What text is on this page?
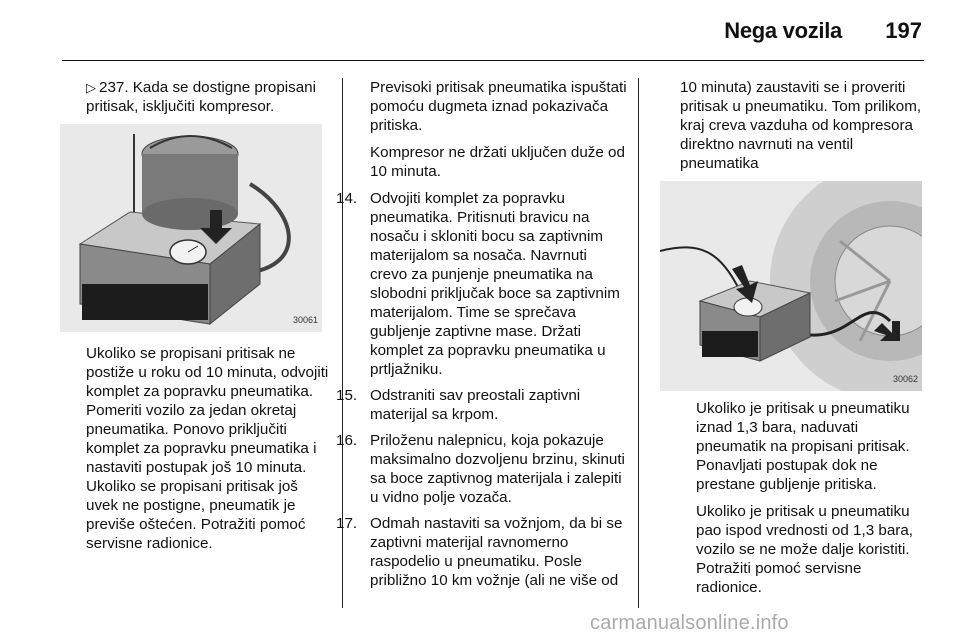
Nega vozila 197

▷ 237. Kada se dostigne propisani pritisak, isključiti kompresor.

30061

Ukoliko se propisani pritisak ne postiže u roku od 10 minuta, odvojiti komplet za popravku pneumatika. Pomeriti vozilo za jedan okretaj pneumatika. Ponovo priključiti komplet za popravku pneumatika i nastaviti postupak još 10 minuta. Ukoliko se propisani pritisak još uvek ne postigne, pneumatik je previše oštećen. Potražiti pomoć servisne radionice.

Previsoki pritisak pneumatika ispuštati pomoću dugmeta iznad pokazivača pritiska.

Kompresor ne držati uključen duže od 10 minuta.

14. Odvojiti komplet za popravku pneumatika. Pritisnuti bravicu na nosaču i skloniti bocu sa zaptivnim materijalom sa nosača. Navrnuti crevo za punjenje pneumatika na slobodni priključak boce sa zaptivnim materijalom. Time se sprečava gubljenje zaptivne mase. Držati komplet za popravku pneumatika u prtljažniku.
15. Odstraniti sav preostali zaptivni materijal sa krpom.
16. Priloženu nalepnicu, koja pokazuje maksimalno dozvoljenu brzinu, skinuti sa boce zaptivnog materijala i zalepiti u vidno polje vozača.
17. Odmah nastaviti sa vožnjom, da bi se zaptivni materijal ravnomerno raspodelio u pneumatiku. Posle približno 10 km vožnje (ali ne više od

10 minuta) zaustaviti se i proveriti pritisak u pneumatiku. Tom prilikom, kraj creva vazduha od kompresora direktno navrnuti na ventil pneumatika

30062

Ukoliko je pritisak u pneumatiku iznad 1,3 bara, naduvati pneumatik na propisani pritisak. Ponavljati postupak dok ne prestane gubljenje pritiska.

Ukoliko je pritisak u pneumatiku pao ispod vrednosti od 1,3 bara, vozilo se ne može dalje koristiti. Potražiti pomoć servisne radionice.

carmanualsonline.info
